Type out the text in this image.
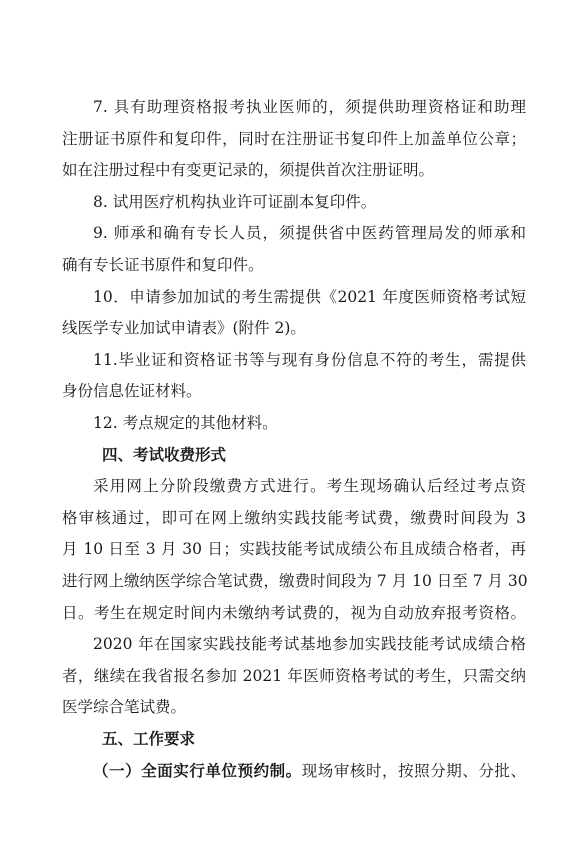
7. 具有助理资格报考执业医师的，须提供助理资格证和助理
注册证书原件和复印件，同时在注册证书复印件上加盖单位公章；
如在注册过程中有变更记录的，须提供首次注册证明。
8. 试用医疗机构执业许可证副本复印件。
9. 师承和确有专长人员，须提供省中医药管理局发的师承和
确有专长证书原件和复印件。
10．申请参加加试的考生需提供《2021 年度医师资格考试短
线医学专业加试申请表》(附件 2)。
11.毕业证和资格证书等与现有身份信息不符的考生，需提供
身份信息佐证材料。
12. 考点规定的其他材料。
四、考试收费形式
采用网上分阶段缴费方式进行。考生现场确认后经过考点资
格审核通过，即可在网上缴纳实践技能考试费，缴费时间段为 3
月 10 日至 3 月 30 日；实践技能考试成绩公布且成绩合格者，再
进行网上缴纳医学综合笔试费，缴费时间段为 7 月 10 日至 7 月 30
日。考生在规定时间内未缴纳考试费的，视为自动放弃报考资格。
2020 年在国家实践技能考试基地参加实践技能考试成绩合格
者，继续在我省报名参加 2021 年医师资格考试的考生，只需交纳
医学综合笔试费。
五、工作要求
（一）全面实行单位预约制。现场审核时，按照分期、分批、
